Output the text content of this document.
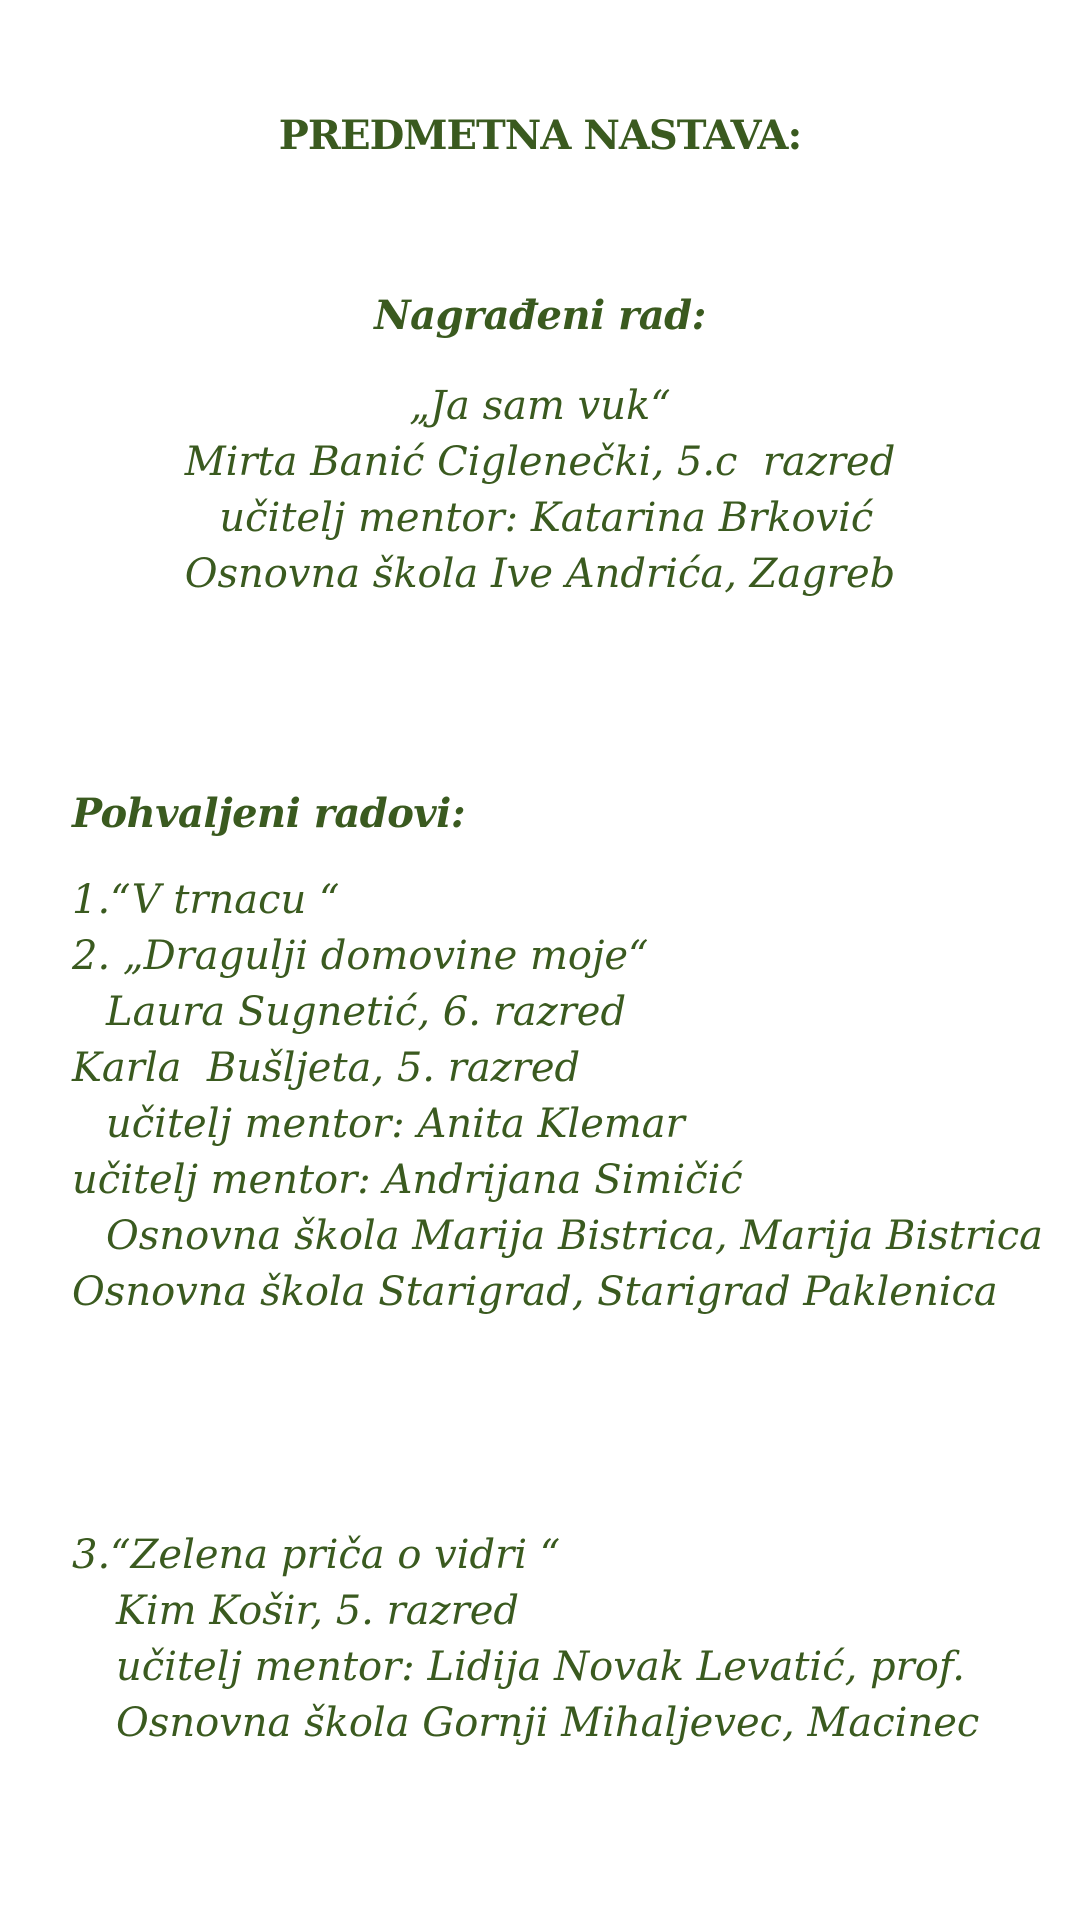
PREDMETNA NASTAVA:
Nagrađeni rad:
„Ja sam vuk“
Mirta Banić Ciglenečki, 5.c  razred
učitelj mentor: Katarina Brković
Osnovna škola Ive Andrića, Zagreb
Pohvaljeni radovi:
1.“V trnacu “
2. „Dragulji domovine moje“
Laura Sugnetić, 6. razred
Karla  Bušljeta, 5. razred
učitelj mentor: Anita Klemar
učitelj mentor: Andrijana Simičić
Osnovna škola Marija Bistrica, Marija Bistrica
Osnovna škola Starigrad, Starigrad Paklenica
3.“Zelena priča o vidri “
Kim Košir, 5. razred
učitelj mentor: Lidija Novak Levatić, prof.
Osnovna škola Gornji Mihaljevec, Macinec
